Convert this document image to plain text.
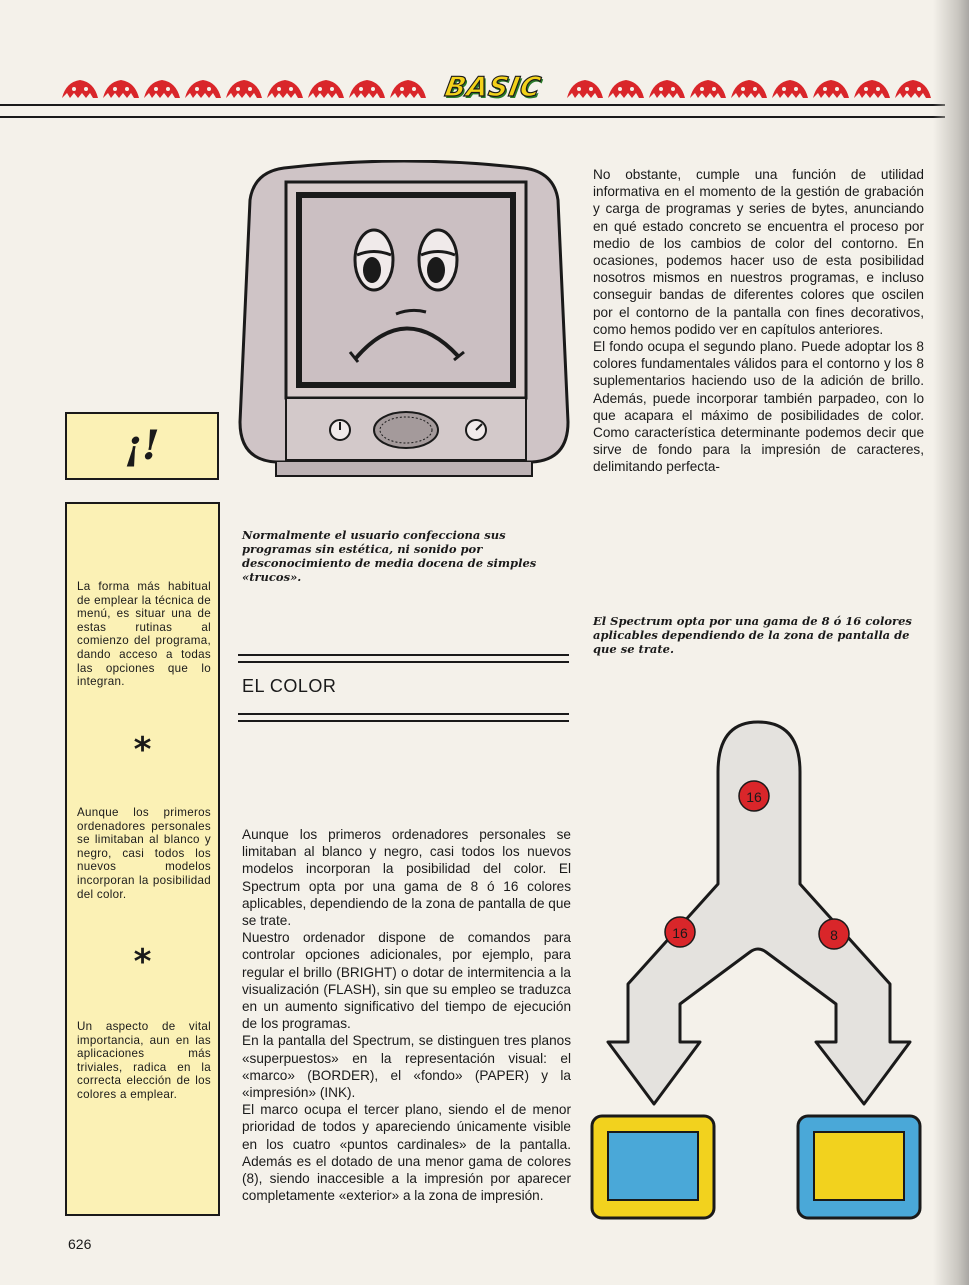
BASIC

Normalmente el usuario confecciona sus programas sin estética, ni sonido por desconocimiento de media docena de simples «trucos».

¡!
La forma más habitual de emplear la técnica de menú, es situar una de estas rutinas al comienzo del programa, dando acceso a todas las opciones que lo integran.
*
Aunque los primeros ordenadores personales se limitaban al blanco y negro, casi todos los nuevos modelos incorporan la posibilidad del color.
*
Un aspecto de vital importancia, aun en las aplicaciones más triviales, radica en la correcta elección de los colores a emplear.
EL COLOR

Aunque los primeros ordenadores personales se limitaban al blanco y negro, casi todos los nuevos modelos incorporan la posibilidad del color. El Spectrum opta por una gama de 8 ó 16 colores aplicables, dependiendo de la zona de pantalla de que se trate.

Nuestro ordenador dispone de comandos para controlar opciones adicionales, por ejemplo, para regular el brillo (BRIGHT) o dotar de intermitencia a la visualización (FLASH), sin que su empleo se traduzca en un aumento significativo del tiempo de ejecución de los programas.

En la pantalla del Spectrum, se distinguen tres planos «superpuestos» en la representación visual: el «marco» (BORDER), el «fondo» (PAPER) y la «impresión» (INK).

El marco ocupa el tercer plano, siendo el de menor prioridad de todos y apareciendo únicamente visible en los cuatro «puntos cardinales» de la pantalla. Además es el dotado de una menor gama de colores (8), siendo inaccesible a la impresión por aparecer completamente «exterior» a la zona de impresión.

No obstante, cumple una función de utilidad informativa en el momento de la gestión de grabación y carga de programas y series de bytes, anunciando en qué estado concreto se encuentra el proceso por medio de los cambios de color del contorno. En ocasiones, podemos hacer uso de esta posibilidad nosotros mismos en nuestros programas, e incluso conseguir bandas de diferentes colores que oscilen por el contorno de la pantalla con fines decorativos, como hemos podido ver en capítulos anteriores.

El fondo ocupa el segundo plano. Puede adoptar los 8 colores fundamentales válidos para el contorno y los 8 suplementarios haciendo uso de la adición de brillo. Además, puede incorporar también parpadeo, con lo que acapara el máximo de posibilidades de color. Como característica determinante podemos decir que sirve de fondo para la impresión de caracteres, delimitando perfecta-

El Spectrum opta por una gama de 8 ó 16 colores aplicables dependiendo de la zona de pantalla de que se trate.

16
16	8
626
